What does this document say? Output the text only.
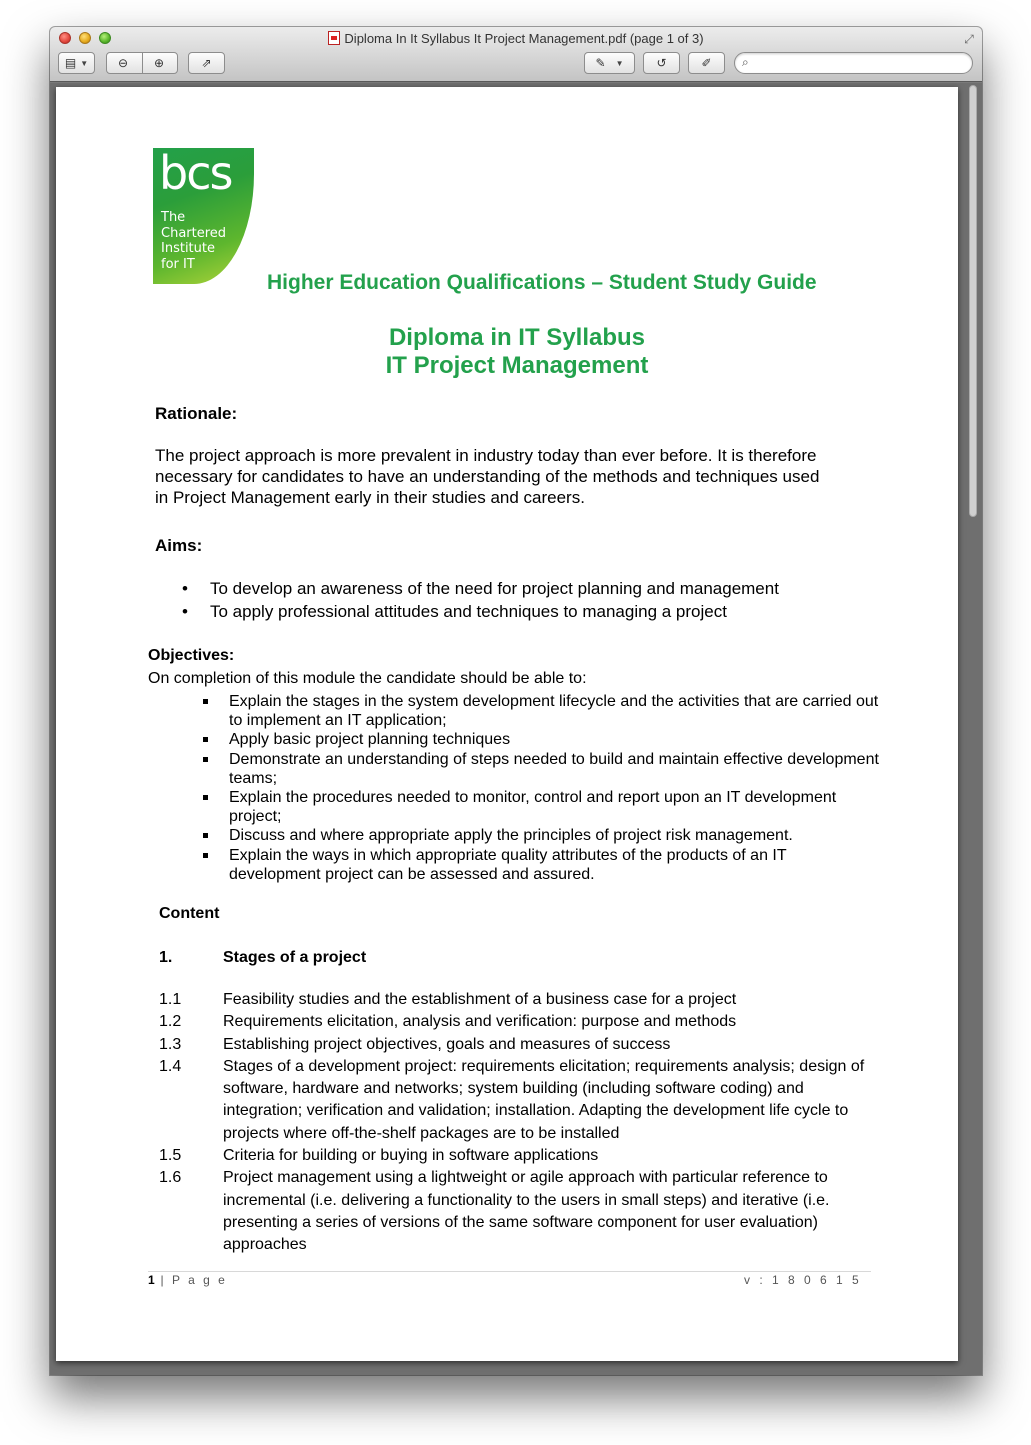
Diploma In It Syllabus It Project Management.pdf (page 1 of 3)	⤢
▤ ▼ ⊖ ⊕	⇗	✎ ▼	↺	✐	⌕
bcs
The
Chartered
Institute
for IT
Higher Education Qualifications – Student Study Guide
Diploma in IT Syllabus
IT Project Management
Rationale:
The project approach is more prevalent in industry today than ever before. It is therefore necessary for candidates to have an understanding of the methods and techniques used in Project Management early in their studies and careers.
Aims:
• To develop an awareness of the need for project planning and management
• To apply professional attitudes and techniques to managing a project
Objectives:
On completion of this module the candidate should be able to:
Explain the stages in the system development lifecycle and the activities that are carried out to implement an IT application;
Apply basic project planning techniques
Demonstrate an understanding of steps needed to build and maintain effective development teams;
Explain the procedures needed to monitor, control and report upon an IT development project;
Discuss and where appropriate apply the principles of project risk management.
Explain the ways in which appropriate quality attributes of the products of an IT development project can be assessed and assured.
Content
1.	Stages of a project
1.1	Feasibility studies and the establishment of a business case for a project
1.2	Requirements elicitation, analysis and verification: purpose and methods
1.3	Establishing project objectives, goals and measures of success
1.4	Stages of a development project: requirements elicitation; requirements analysis; design of software, hardware and networks; system building (including software coding) and integration; verification and validation; installation. Adapting the development life cycle to projects where off-the-shelf packages are to be installed
1.5	Criteria for building or buying in software applications
1.6	Project management using a lightweight or agile approach with particular reference to incremental (i.e. delivering a functionality to the users in small steps) and iterative (i.e. presenting a series of versions of the same software component for user evaluation) approaches
1 | P a g e	v : 1 8 0 6 1 5
